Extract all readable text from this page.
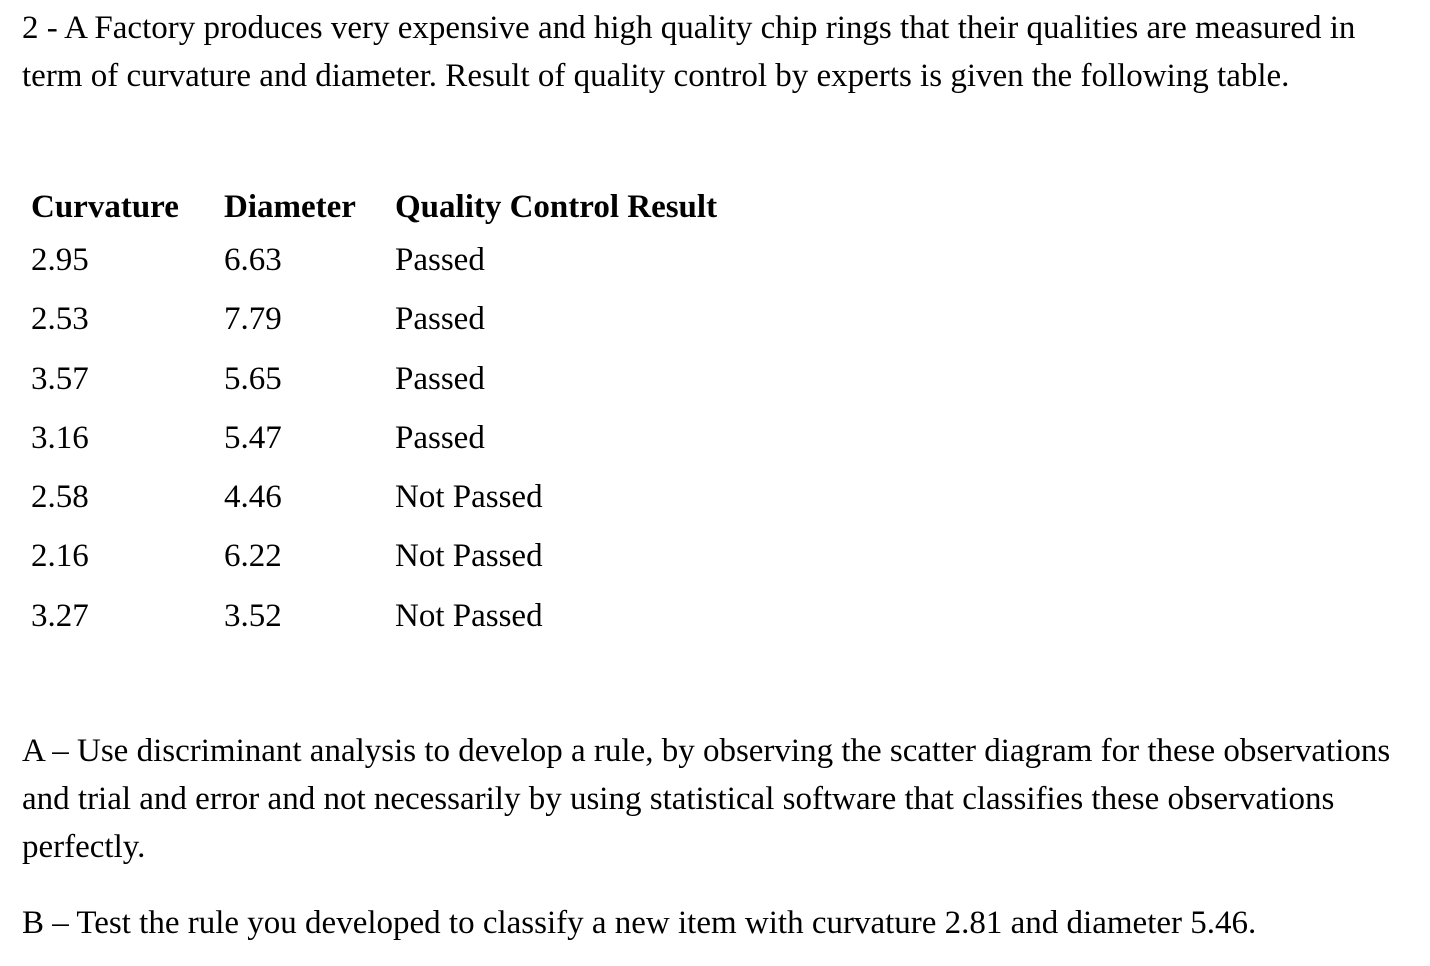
2 - A Factory produces very expensive and high quality chip rings that their qualities are measured in term of curvature and diameter. Result of quality control by experts is given the following table.

Curvature	Diameter	Quality Control Result
2.95	6.63	Passed
2.53	7.79	Passed
3.57	5.65	Passed
3.16	5.47	Passed
2.58	4.46	Not Passed
2.16	6.22	Not Passed
3.27	3.52	Not Passed

A – Use discriminant analysis to develop a rule, by observing the scatter diagram for these observations and trial and error and not necessarily by using statistical software that classifies these observations perfectly.

B – Test the rule you developed to classify a new item with curvature 2.81 and diameter 5.46.
